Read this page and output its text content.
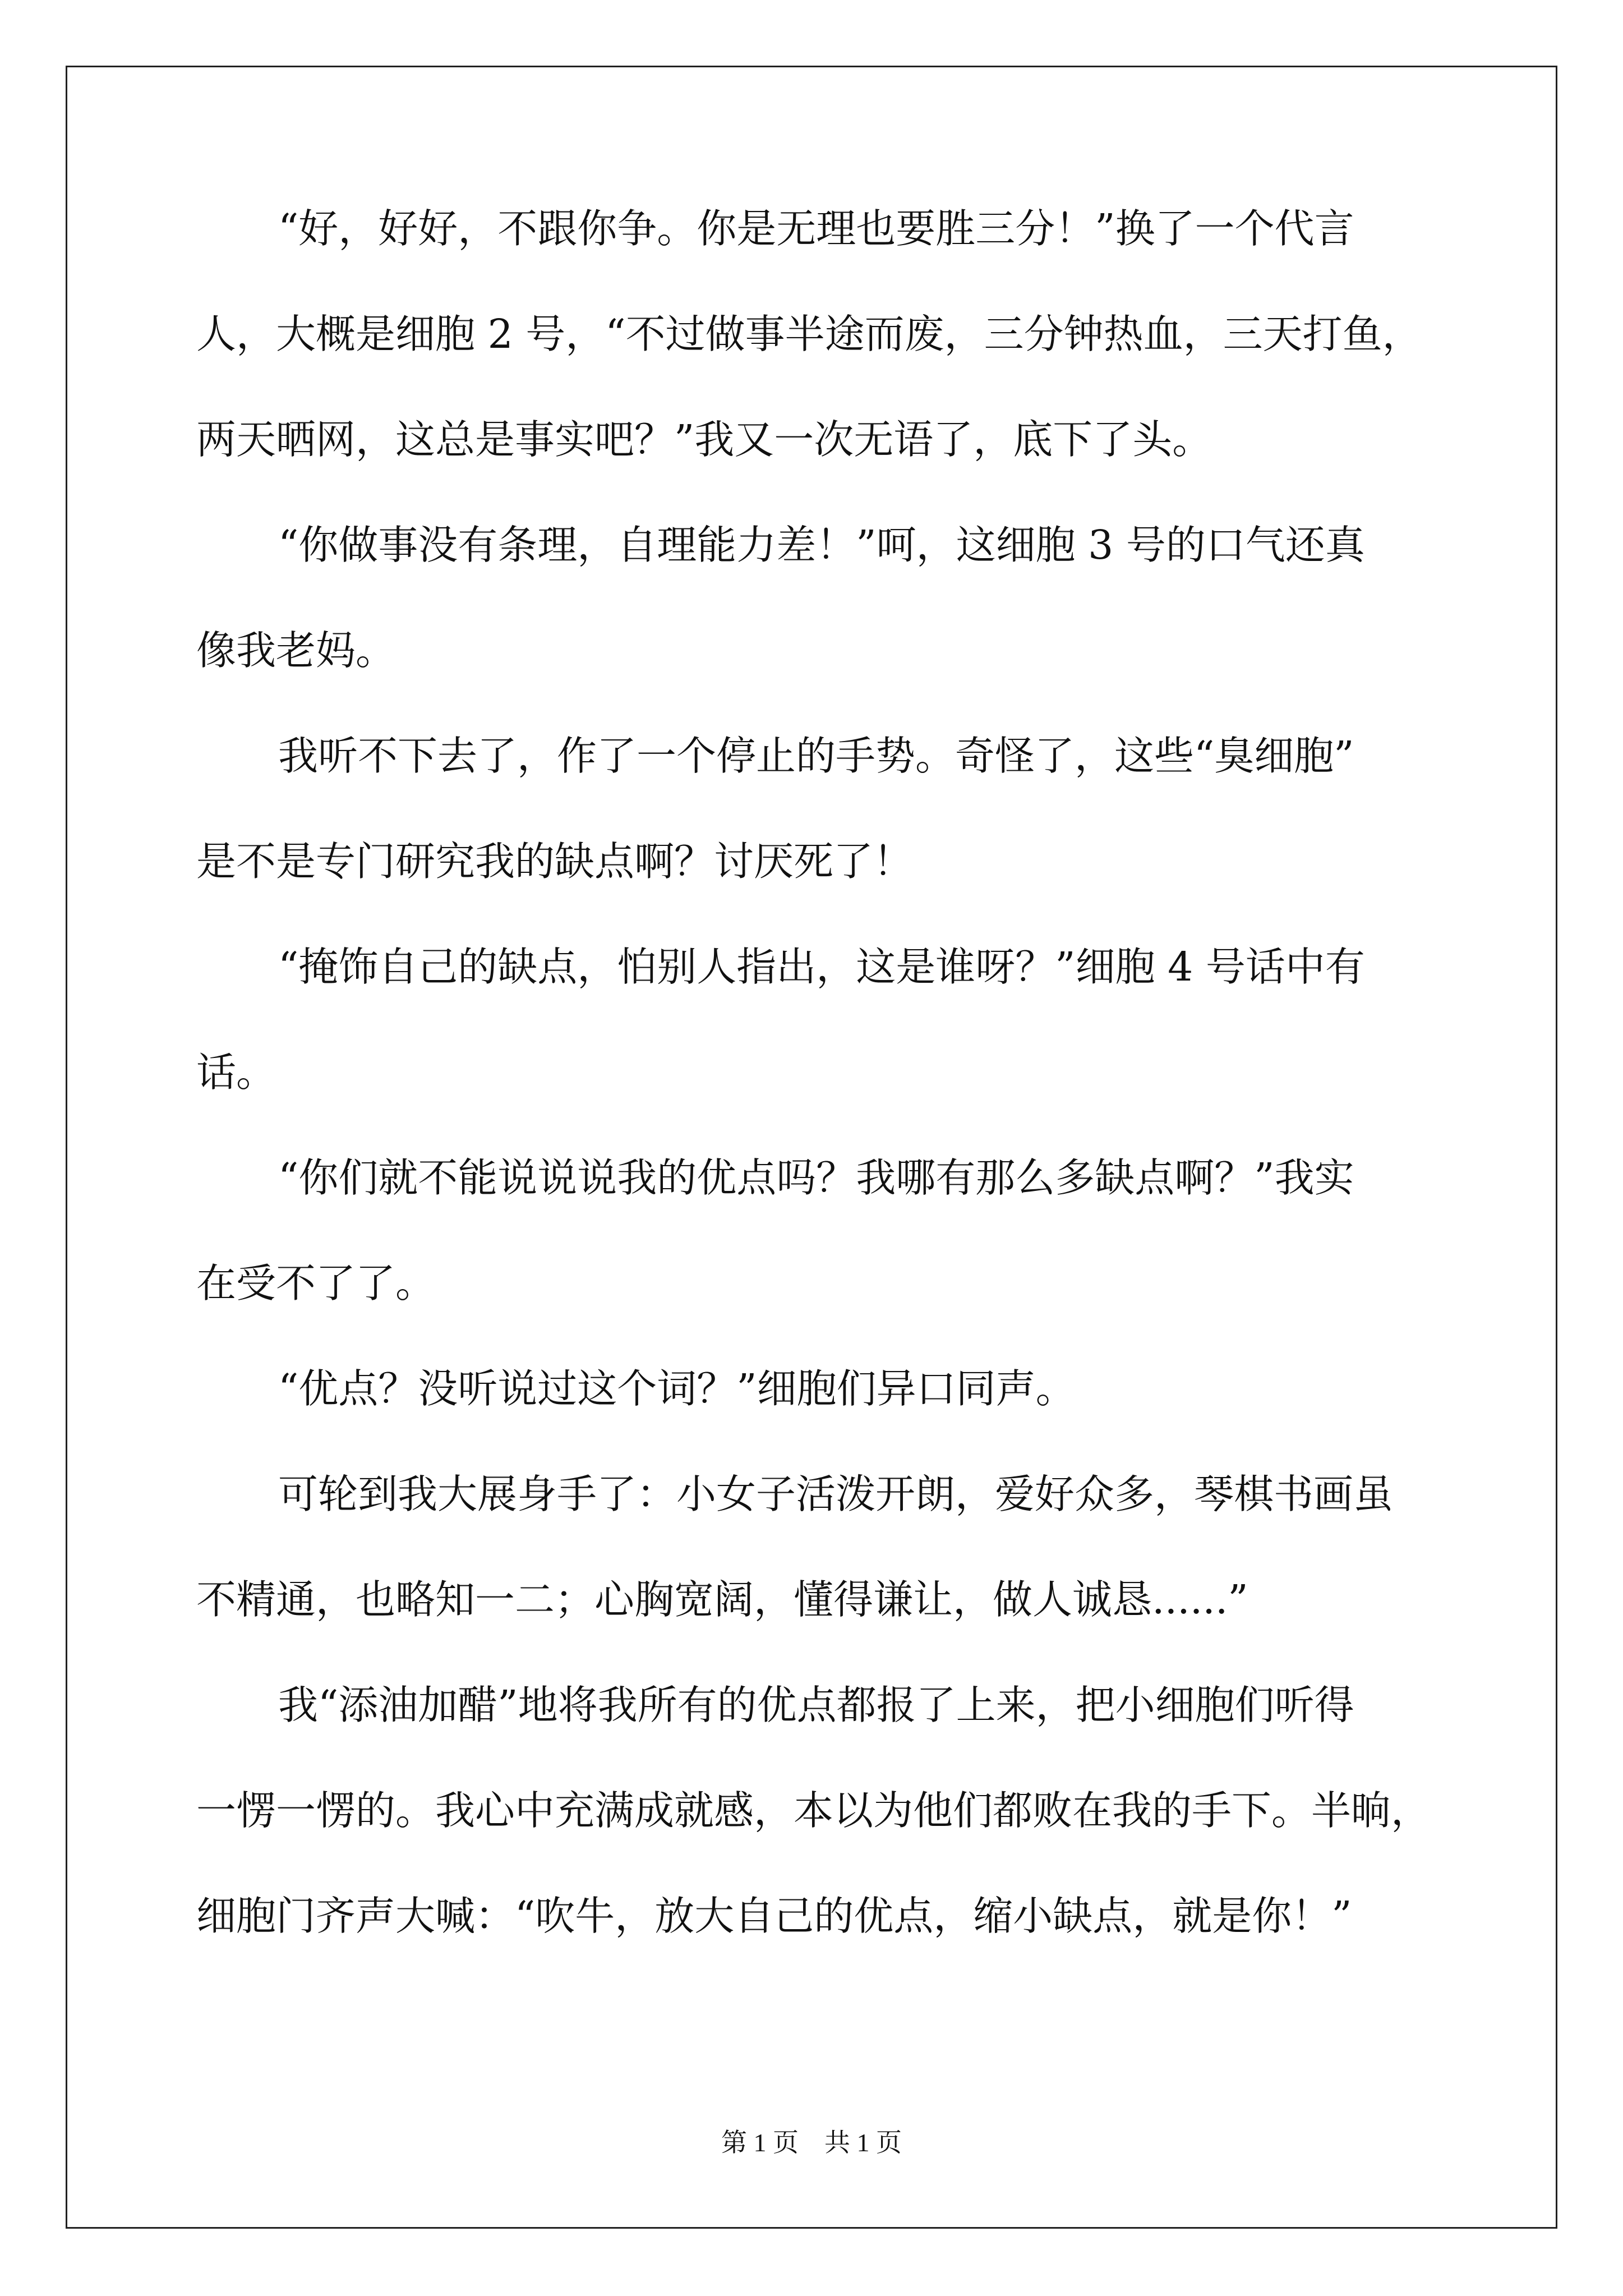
“好，好好，不跟你争。你是无理也要胜三分！”换了一个代言
人，大概是细胞 2 号，“不过做事半途而废，三分钟热血，三天打鱼，
两天晒网，这总是事实吧？”我又一次无语了，底下了头。
“你做事没有条理，自理能力差！”呵，这细胞 3 号的口气还真
像我老妈。
我听不下去了，作了一个停止的手势。奇怪了，这些“臭细胞”
是不是专门研究我的缺点啊？讨厌死了！
“掩饰自己的缺点，怕别人指出，这是谁呀？”细胞 4 号话中有
话。
“你们就不能说说说我的优点吗？我哪有那么多缺点啊？”我实
在受不了了。
“优点？没听说过这个词？”细胞们异口同声。
可轮到我大展身手了：小女子活泼开朗，爱好众多，琴棋书画虽
不精通，也略知一二；心胸宽阔，懂得谦让，做人诚恳......”
我“添油加醋”地将我所有的优点都报了上来，把小细胞们听得
一愣一愣的。我心中充满成就感，本以为他们都败在我的手下。半晌，
细胞门齐声大喊：“吹牛，放大自己的优点，缩小缺点，就是你！”
第 1 页　共 1 页
